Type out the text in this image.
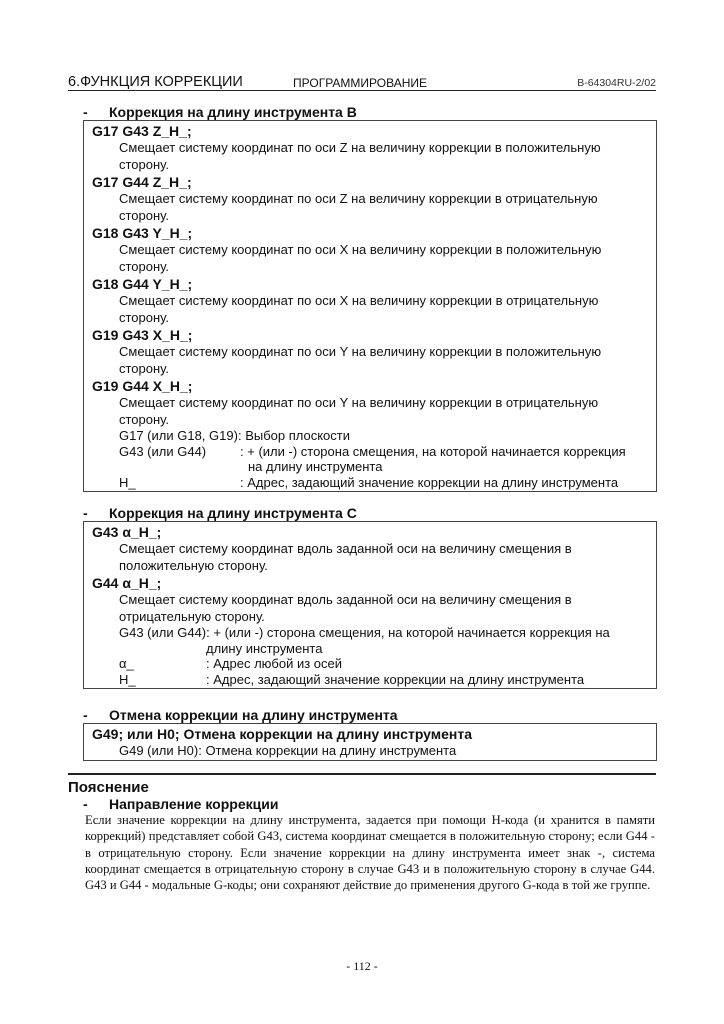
6.ФУНКЦИЯ КОРРЕКЦИИ	ПРОГРАММИРОВАНИЕ	B-64304RU-2/02
- Коррекция на длину инструмента В
G17 G43 Z_H_;
Смещает систему координат по оси Z на величину коррекции в положительную
сторону.
G17 G44 Z_H_;
Смещает систему координат по оси Z на величину коррекции в отрицательную
сторону.
G18 G43 Y_H_;
Смещает систему координат по оси X на величину коррекции в положительную
сторону.
G18 G44 Y_H_;
Смещает систему координат по оси X на величину коррекции в отрицательную
сторону.
G19 G43 X_H_;
Смещает систему координат по оси Y на величину коррекции в положительную
сторону.
G19 G44 X_H_;
Смещает систему координат по оси Y на величину коррекции в отрицательную
сторону.
G17 (или G18, G19): Выбор плоскости
G43 (или G44)	: + (или -) сторона смещения, на которой начинается коррекция
на длину инструмента
H_	: Адрес, задающий значение коррекции на длину инструмента
- Коррекция на длину инструмента С
G43 α_H_;
Смещает систему координат вдоль заданной оси на величину смещения в
положительную сторону.
G44 α_H_;
Смещает систему координат вдоль заданной оси на величину смещения в
отрицательную сторону.
G43 (или G44): + (или -) сторона смещения, на которой начинается коррекция на
длину инструмента
α_	: Адрес любой из осей
H_	: Адрес, задающий значение коррекции на длину инструмента
- Отмена коррекции на длину инструмента
G49; или H0; Отмена коррекции на длину инструмента
G49 (или H0): Отмена коррекции на длину инструмента
Пояснение
- Направление коррекции
Если значение коррекции на длину инструмента, задается при помощи H-кода (и хранится в памяти коррекций) представляет собой G43, система координат смещается в положительную сторону; если G44 - в отрицательную сторону. Если значение коррекции на длину инструмента имеет знак -, система координат смещается в отрицательную сторону в случае G43 и в положительную сторону в случае G44. G43 и G44 - модальные G-коды; они сохраняют действие до применения другого G-кода в той же группе.
- 112 -
